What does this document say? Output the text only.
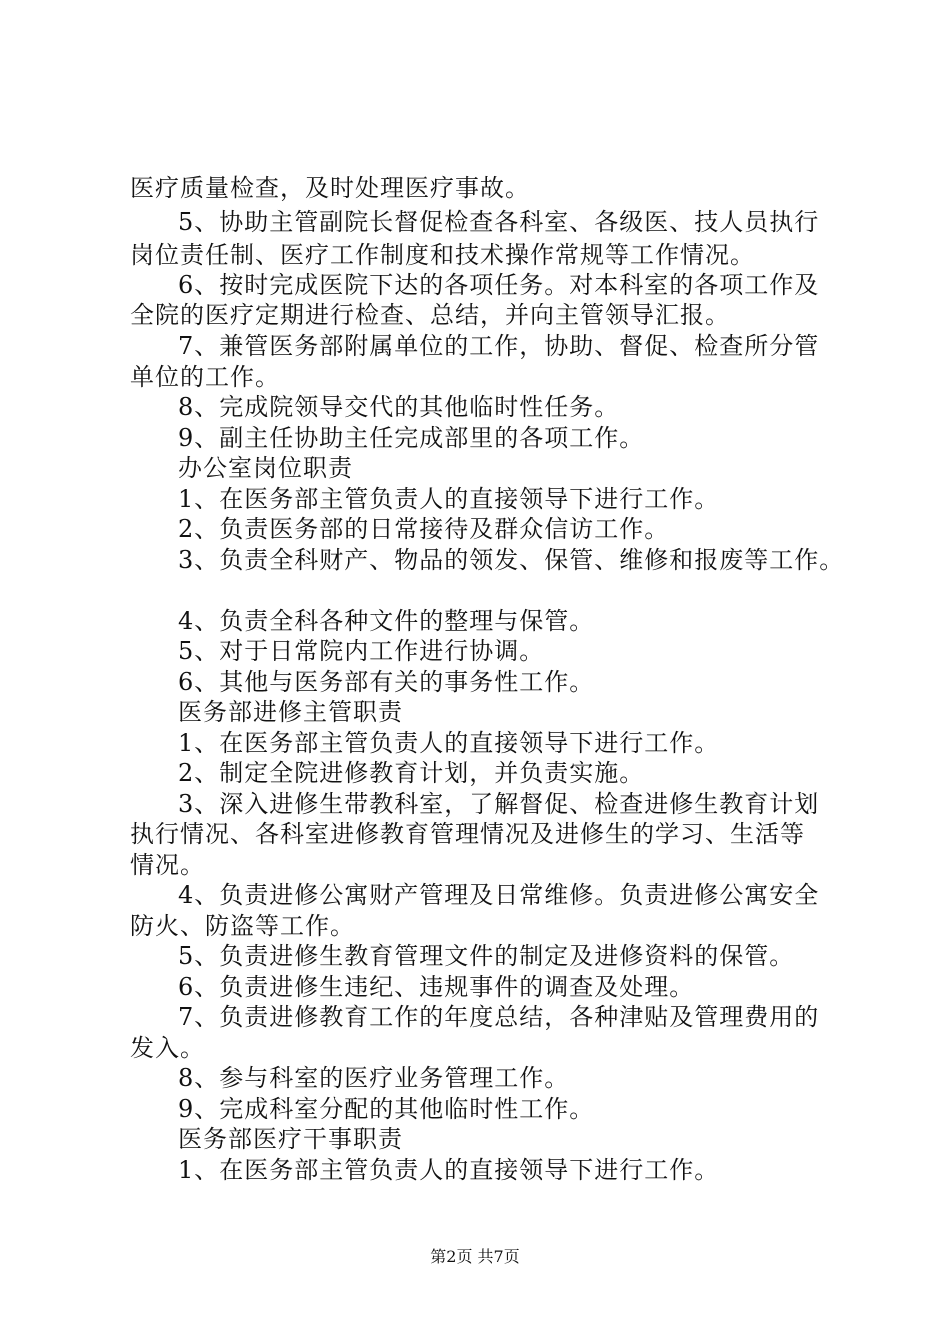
医疗质量检查，及时处理医疗事故。
5、协助主管副院长督促检查各科室、各级医、技人员执行
岗位责任制、医疗工作制度和技术操作常规等工作情况。
6、按时完成医院下达的各项任务。对本科室的各项工作及
全院的医疗定期进行检查、总结，并向主管领导汇报。
7、兼管医务部附属单位的工作，协助、督促、检查所分管
单位的工作。
8、完成院领导交代的其他临时性任务。
9、副主任协助主任完成部里的各项工作。
办公室岗位职责
1、在医务部主管负责人的直接领导下进行工作。
2、负责医务部的日常接待及群众信访工作。
3、负责全科财产、物品的领发、保管、维修和报废等工作。
4、负责全科各种文件的整理与保管。
5、对于日常院内工作进行协调。
6、其他与医务部有关的事务性工作。
医务部进修主管职责
1、在医务部主管负责人的直接领导下进行工作。
2、制定全院进修教育计划，并负责实施。
3、深入进修生带教科室，了解督促、检查进修生教育计划
执行情况、各科室进修教育管理情况及进修生的学习、生活等
情况。
4、负责进修公寓财产管理及日常维修。负责进修公寓安全
防火、防盗等工作。
5、负责进修生教育管理文件的制定及进修资料的保管。
6、负责进修生违纪、违规事件的调查及处理。
7、负责进修教育工作的年度总结，各种津贴及管理费用的
发入。
8、参与科室的医疗业务管理工作。
9、完成科室分配的其他临时性工作。
医务部医疗干事职责
1、在医务部主管负责人的直接领导下进行工作。
第2页 共7页
